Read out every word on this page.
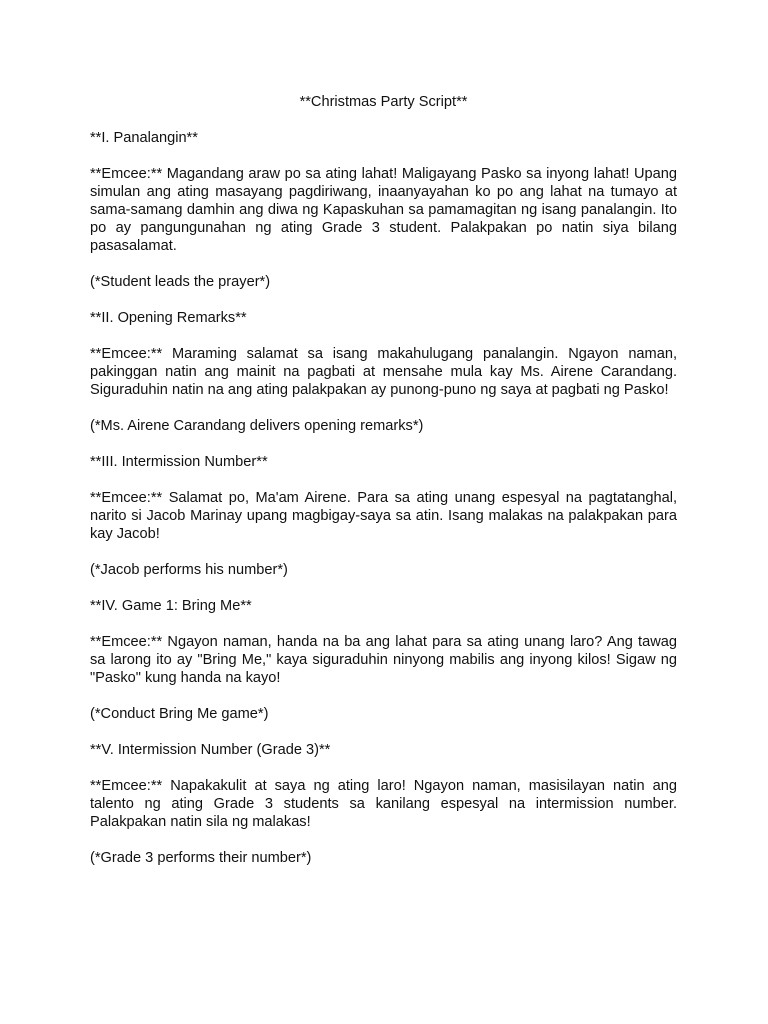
**Christmas Party Script**
**I. Panalangin**
**Emcee:** Magandang araw po sa ating lahat! Maligayang Pasko sa inyong lahat! Upang simulan ang ating masayang pagdiriwang, inaanyayahan ko po ang lahat na tumayo at sama-samang damhin ang diwa ng Kapaskuhan sa pamamagitan ng isang panalangin. Ito po ay pangungunahan ng ating Grade 3 student. Palakpakan po natin siya bilang pasasalamat.
(*Student leads the prayer*)
**II. Opening Remarks**
**Emcee:** Maraming salamat sa isang makahulugang panalangin. Ngayon naman, pakinggan natin ang mainit na pagbati at mensahe mula kay Ms. Airene Carandang. Siguraduhin natin na ang ating palakpakan ay punong-puno ng saya at pagbati ng Pasko!
(*Ms. Airene Carandang delivers opening remarks*)
**III. Intermission Number**
**Emcee:** Salamat po, Ma'am Airene. Para sa ating unang espesyal na pagtatanghal, narito si Jacob Marinay upang magbigay-saya sa atin. Isang malakas na palakpakan para kay Jacob!
(*Jacob performs his number*)
**IV. Game 1: Bring Me**
**Emcee:** Ngayon naman, handa na ba ang lahat para sa ating unang laro? Ang tawag sa larong ito ay "Bring Me," kaya siguraduhin ninyong mabilis ang inyong kilos! Sigaw ng "Pasko" kung handa na kayo!
(*Conduct Bring Me game*)
**V. Intermission Number (Grade 3)**
**Emcee:** Napakakulit at saya ng ating laro! Ngayon naman, masisilayan natin ang talento ng ating Grade 3 students sa kanilang espesyal na intermission number. Palakpakan natin sila ng malakas!
(*Grade 3 performs their number*)
